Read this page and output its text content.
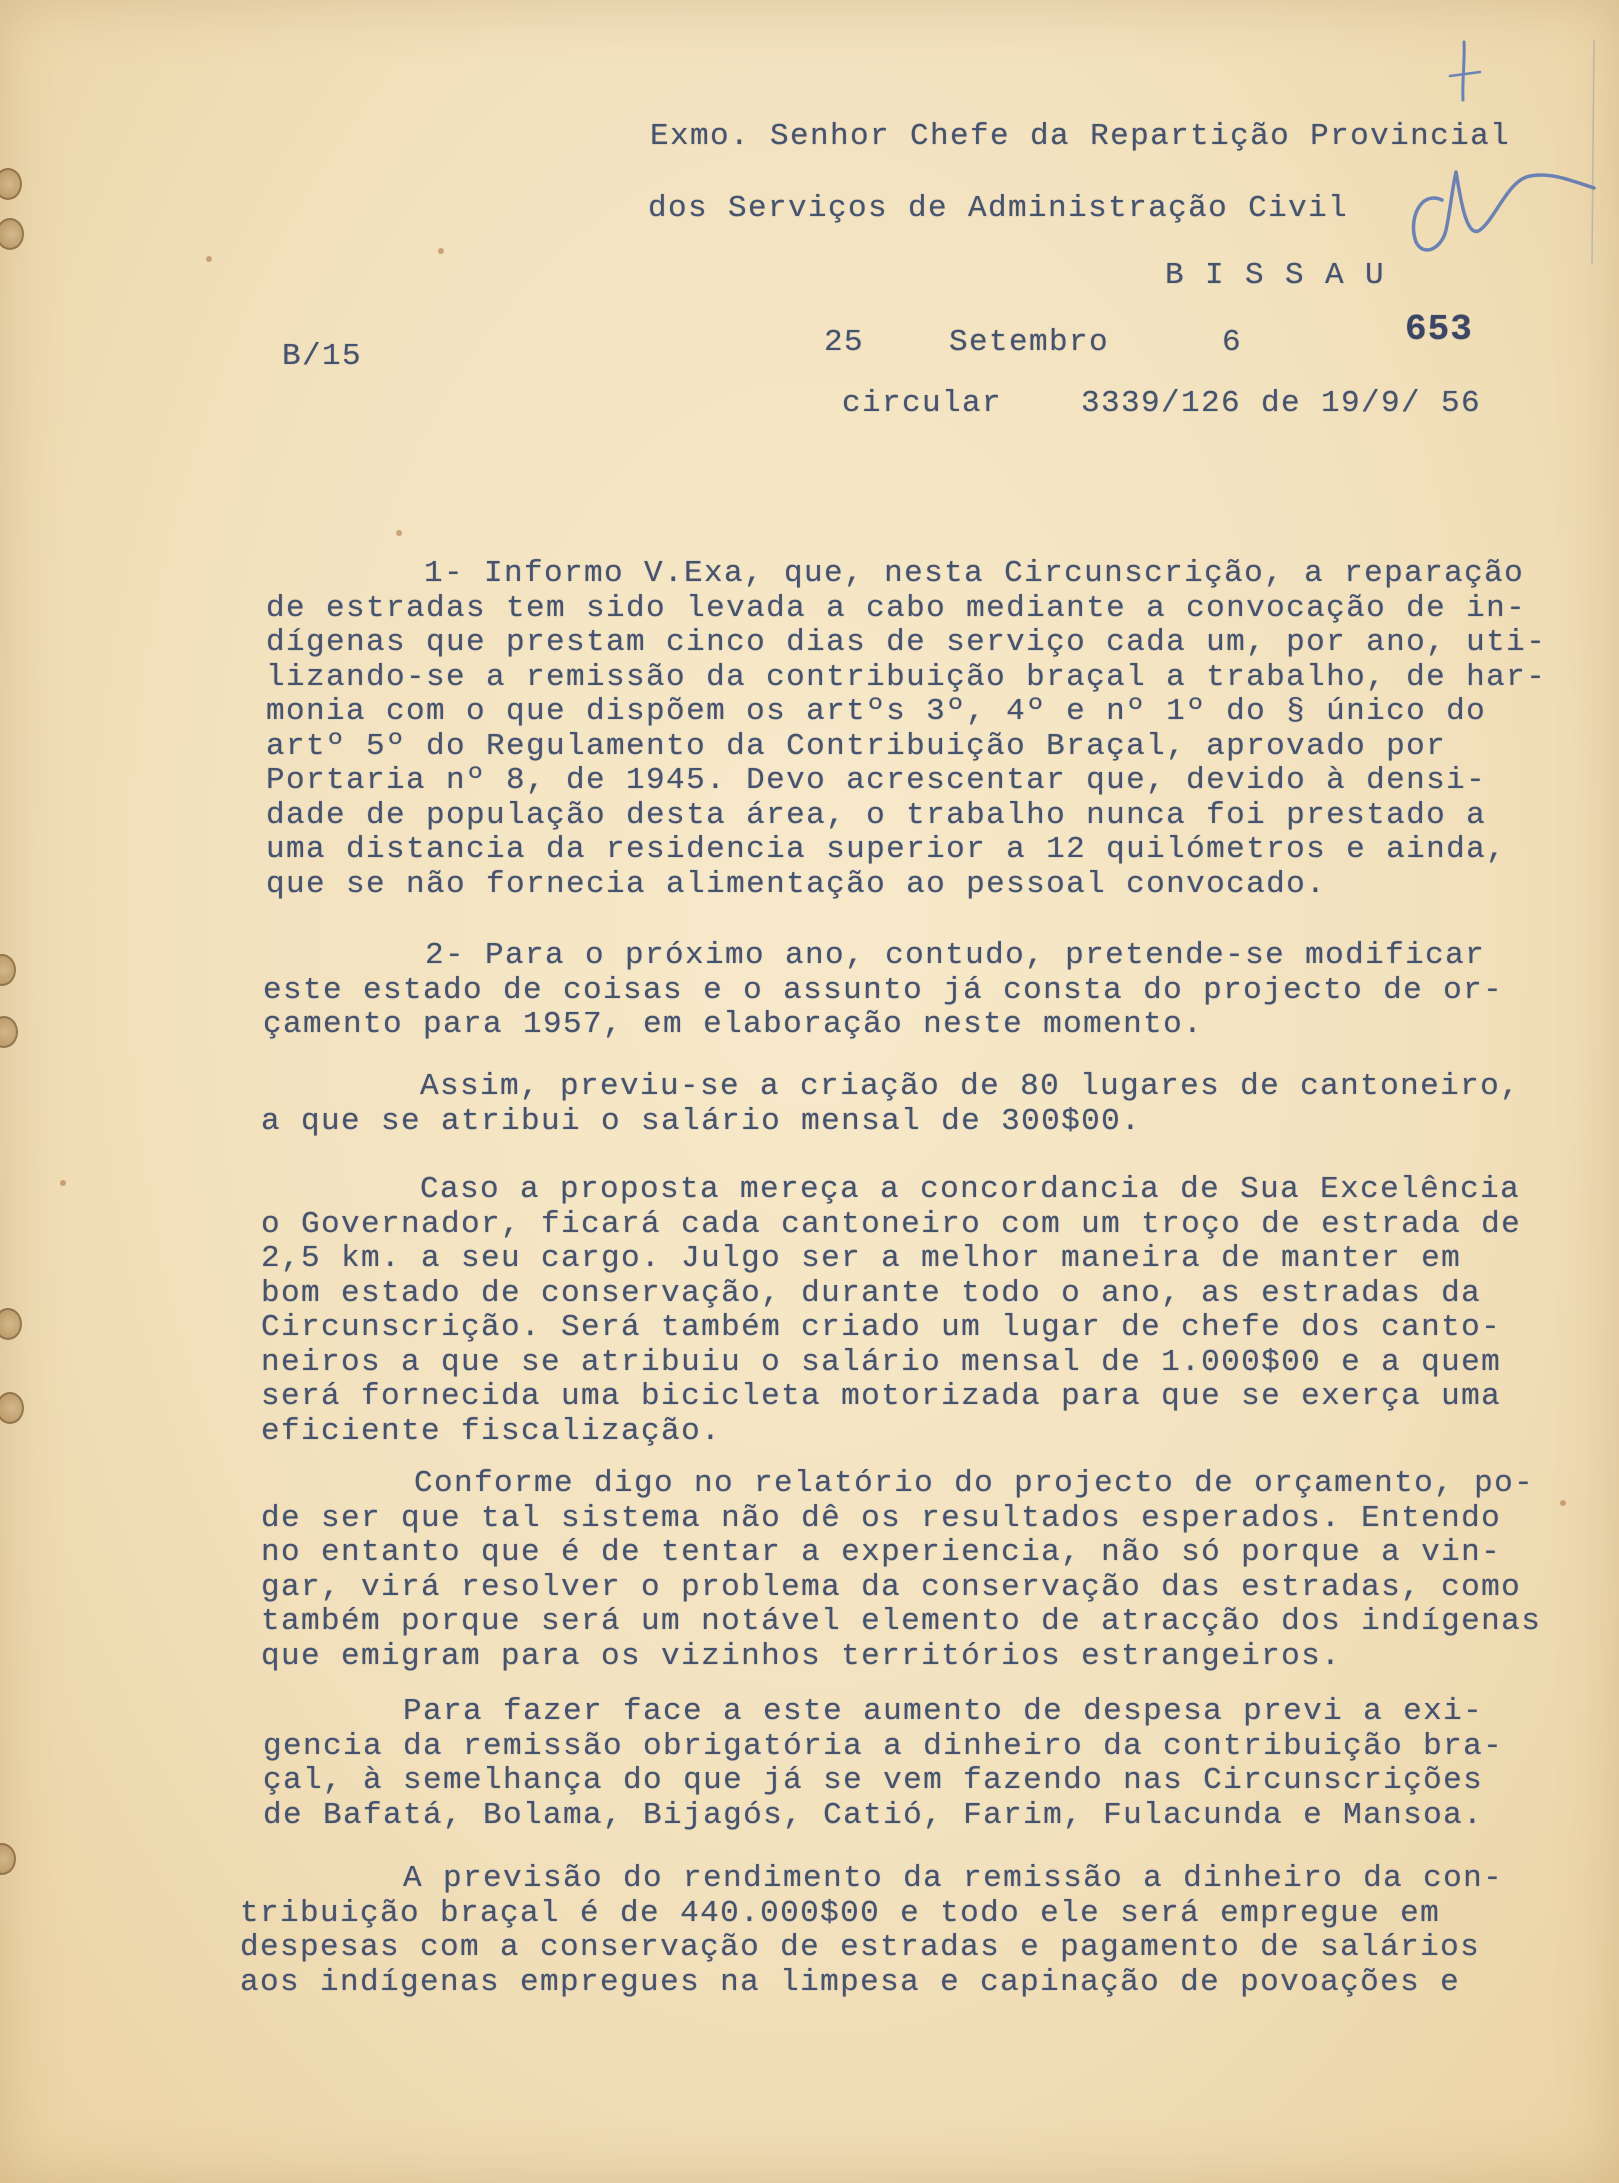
Exmo. Senhor Chefe da Repartição Provincial
dos Serviços de Administração Civil
B I S S A U
B/15	25	Setembro	6	653
circular	3339/126 de 19/9/ 56
1- Informo V.Exa, que, nesta Circunscrição, a reparação
de estradas tem sido levada a cabo mediante a convocação de in-
dígenas que prestam cinco dias de serviço cada um, por ano, uti-
lizando-se a remissão da contribuição braçal a trabalho, de har-
monia com o que dispõem os artºs 3º, 4º e nº 1º do § único do
artº 5º do Regulamento da Contribuição Braçal, aprovado por
Portaria nº 8, de 1945. Devo acrescentar que, devido à densi-
dade de população desta área, o trabalho nunca foi prestado a
uma distancia da residencia superior a 12 quilómetros e ainda,
que se não fornecia alimentação ao pessoal convocado.
2- Para o próximo ano, contudo, pretende-se modificar
este estado de coisas e o assunto já consta do projecto de or-
çamento para 1957, em elaboração neste momento.
Assim, previu-se a criação de 80 lugares de cantoneiro,
a que se atribui o salário mensal de 300$00.
Caso a proposta mereça a concordancia de Sua Excelência
o Governador, ficará cada cantoneiro com um troço de estrada de
2,5 km. a seu cargo. Julgo ser a melhor maneira de manter em
bom estado de conservação, durante todo o ano, as estradas da
Circunscrição. Será também criado um lugar de chefe dos canto-
neiros a que se atribuiu o salário mensal de 1.000$00 e a quem
será fornecida uma bicicleta motorizada para que se exerça uma
eficiente fiscalização.
Conforme digo no relatório do projecto de orçamento, po-
de ser que tal sistema não dê os resultados esperados. Entendo
no entanto que é de tentar a experiencia, não só porque a vin-
gar, virá resolver o problema da conservação das estradas, como
também porque será um notável elemento de atracção dos indígenas
que emigram para os vizinhos territórios estrangeiros.
Para fazer face a este aumento de despesa previ a exi-
gencia da remissão obrigatória a dinheiro da contribuição bra-
çal, à semelhança do que já se vem fazendo nas Circunscrições
de Bafatá, Bolama, Bijagós, Catió, Farim, Fulacunda e Mansoa.
A previsão do rendimento da remissão a dinheiro da con-
tribuição braçal é de 440.000$00 e todo ele será empregue em
despesas com a conservação de estradas e pagamento de salários
aos indígenas empregues na limpesa e capinação de povoações e
